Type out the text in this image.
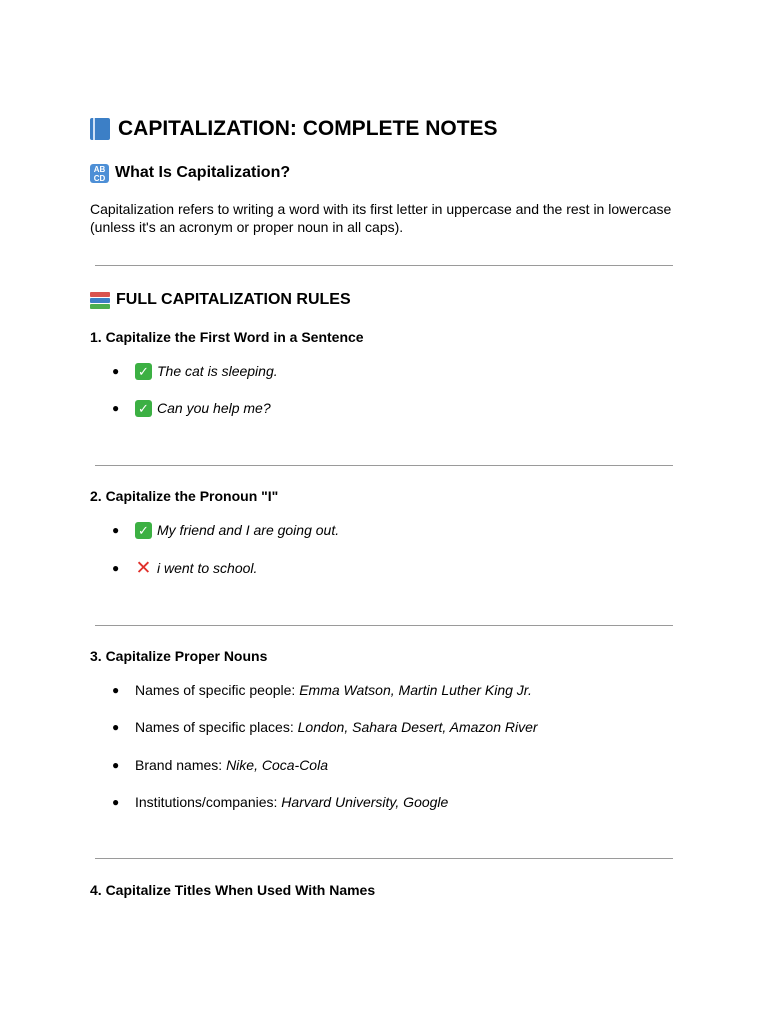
CAPITALIZATION: COMPLETE NOTES
AB
CD What Is Capitalization?
Capitalization refers to writing a word with its first letter in uppercase and the rest in lowercase (unless it's an acronym or proper noun in all caps).
FULL CAPITALIZATION RULES
1. Capitalize the First Word in a Sentence
●	✓ The cat is sleeping.
●	✓ Can you help me?
2. Capitalize the Pronoun "I"
●	✓ My friend and I are going out.
● ✕ i went to school.
3. Capitalize Proper Nouns
●	Names of specific people: Emma Watson, Martin Luther King Jr.
●	Names of specific places: London, Sahara Desert, Amazon River
●	Brand names: Nike, Coca-Cola
●	Institutions/companies: Harvard University, Google
4. Capitalize Titles When Used With Names
